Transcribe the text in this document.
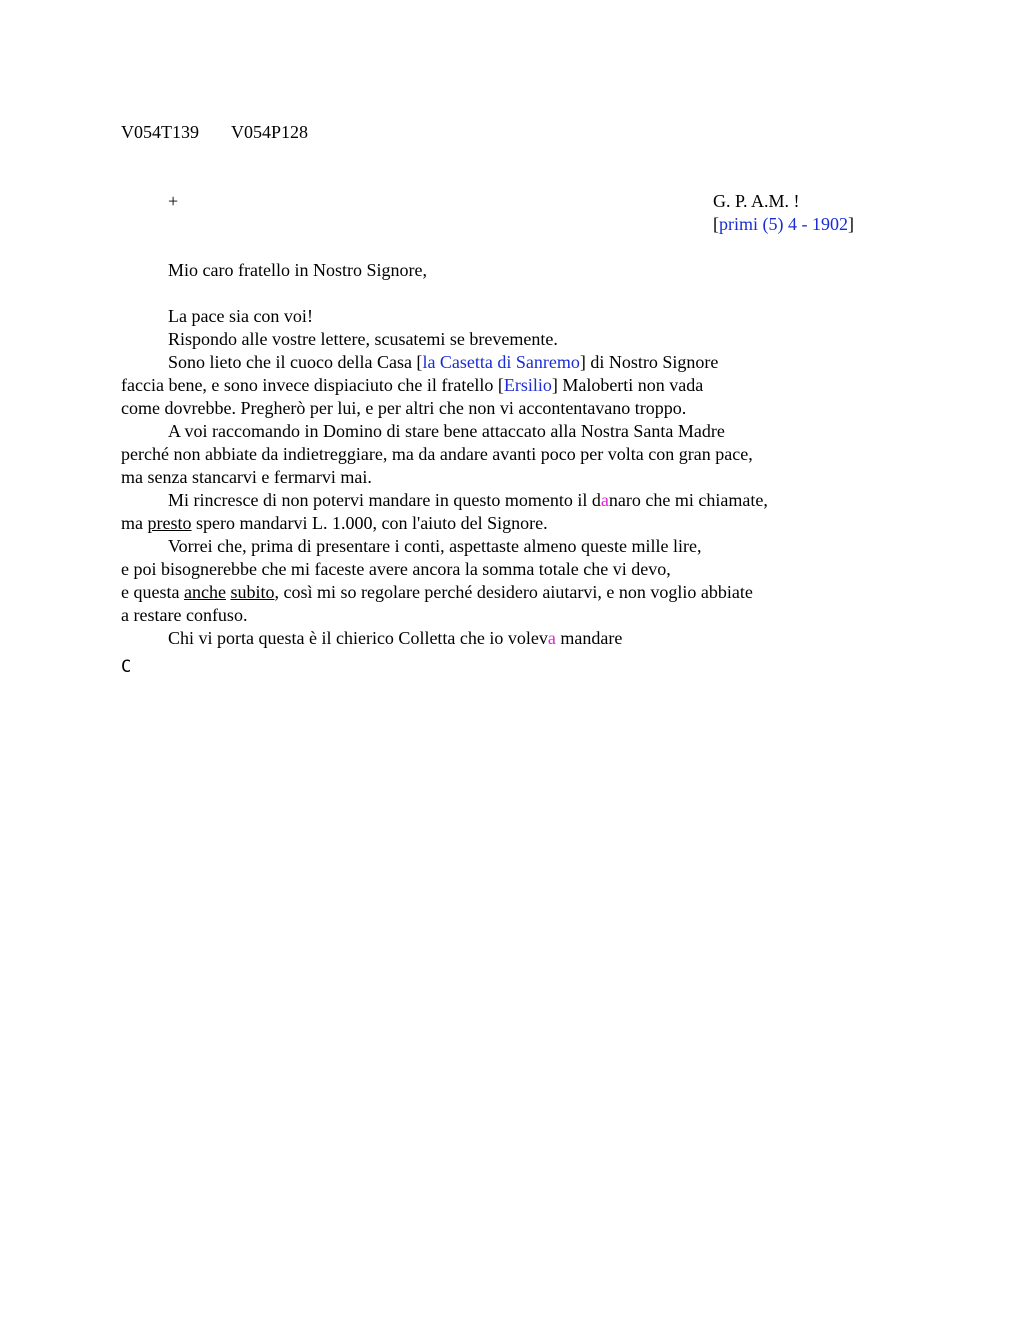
V054T139 V054P128
+	G. P. A.M. !
[primi (5) 4 - 1902]
Mio caro fratello in Nostro Signore,
La pace sia con voi!
Rispondo alle vostre lettere, scusatemi se brevemente.
Sono lieto che il cuoco della Casa [la Casetta di Sanremo] di Nostro Signore
faccia bene, e sono invece dispiaciuto che il fratello [Ersilio] Maloberti non vada
come dovrebbe. Pregherò per lui, e per altri che non vi accontentavano troppo.
A voi raccomando in Domino di stare bene attaccato alla Nostra Santa Madre
perché non abbiate da indietreggiare, ma da andare avanti poco per volta con gran pace,
ma senza stancarvi e fermarvi mai.
Mi rincresce di non potervi mandare in questo momento il danaro che mi chiamate,
ma presto spero mandarvi L. 1.000, con l'aiuto del Signore.
Vorrei che, prima di presentare i conti, aspettaste almeno queste mille lire,
e poi bisognerebbe che mi faceste avere ancora la somma totale che vi devo,
e questa anche subito, così mi so regolare perché desidero aiutarvi, e non voglio abbiate
a restare confuso.
Chi vi porta questa è il chierico Colletta che io voleva mandare
C
